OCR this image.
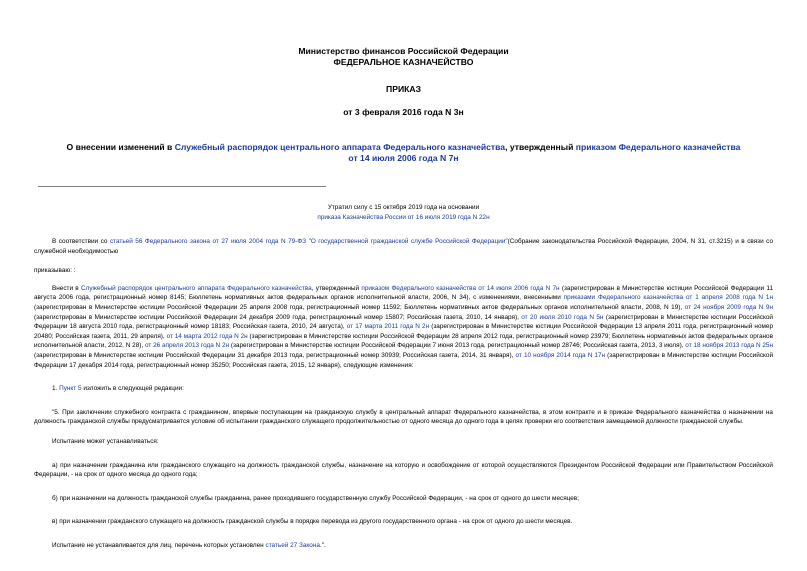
Министерство финансов Российской Федерации
ФЕДЕРАЛЬНОЕ КАЗНАЧЕЙСТВО
ПРИКАЗ
от 3 февраля 2016 года N 3н
О внесении изменений в Служебный распорядок центрального аппарата Федерального казначейства, утвержденный приказом Федерального казначейства от 14 июля 2006 года N 7н
Утратил силу с 15 октября 2019 года на основании
приказа Казначейства России от 16 июля 2019 года N 22н

В соответствии со статьей 56 Федерального закона от 27 июля 2004 года N 79-ФЗ "О государственной гражданской службе Российской Федерации"(Собрание законодательства Российской Федерации, 2004, N 31, ст.3215) и в связи со служебной необходимостью

приказываю: :

Внести в Служебный распорядок центрального аппарата Федерального казначейства, утвержденный приказом Федерального казначейства от 14 июля 2006 года N 7н (зарегистрирован в Министерстве юстиции Российской Федерации 11 августа 2006 года, регистрационный номер 8145; Бюллетень нормативных актов федеральных органов исполнительной власти, 2006, N 34), с изменениями, внесенными приказами Федерального казначейства от 1 апреля 2008 года N 1н (зарегистрирован в Министерстве юстиции Российской Федерации 25 апреля 2008 года, регистрационный номер 11592; Бюллетень нормативных актов федеральных органов исполнительной власти, 2008, N 19), от 24 ноября 2009 года N 9н (зарегистрирован в Министерстве юстиции Российской Федерации 24 декабря 2009 года, регистрационный номер 15807; Российская газета, 2010, 14 января), от 20 июля 2010 года N 5н (зарегистрирован в Министерстве юстиции Российской Федерации 18 августа 2010 года, регистрационный номер 18183; Российская газета, 2010, 24 августа), от 17 марта 2011 года N 2н (зарегистрирован в Министерстве юстиции Российской Федерации 13 апреля 2011 года, регистрационный номер 20480; Российская газета, 2011, 29 апреля), от 14 марта 2012 года N 2н (зарегистрирован в Министерстве юстиции Российской Федерации 28 апреля 2012 года, регистрационный номер 23979; Бюллетень нормативных актов федеральных органов исполнительной власти, 2012, N 28), от 26 апреля 2013 года N 2н (зарегистрирован в Министерстве юстиции Российской Федерации 7 июня 2013 года, регистрационный номер 28746; Российская газета, 2013, 3 июля), от 18 ноября 2013 года N 25н (зарегистрирован в Министерстве юстиции Российской Федерации 31 декабря 2013 года, регистрационный номер 30939; Российская газета, 2014, 31 января), от 10 ноября 2014 года N 17н (зарегистрирован в Министерстве юстиции Российской Федерации 17 декабря 2014 года, регистрационный номер 35250; Российская газета, 2015, 12 января), следующие изменения:

1. Пункт 5 изложить в следующей редакции:

"5. При заключении служебного контракта с гражданином, впервые поступающим на гражданскую службу в центральный аппарат Федерального казначейства, в этом контракте и в приказе Федерального казначейства о назначении на должность гражданской службы предусматривается условие об испытании гражданского служащего продолжительностью от одного месяца до одного года в целях проверки его соответствия замещаемой должности гражданской службы.

Испытание может устанавливаться:

а) при назначении гражданина или гражданского служащего на должность гражданской службы, назначение на которую и освобождение от которой осуществляются Президентом Российской Федерации или Правительством Российской Федерации, - на срок от одного месяца до одного года;

б) при назначении на должность гражданской службы гражданина, ранее проходившего государственную службу Российской Федерации, - на срок от одного до шести месяцев;

в) при назначении гражданского служащего на должность гражданской службы в порядке перевода из другого государственного органа - на срок от одного до шести месяцев.

Испытание не устанавливается для лиц, перечень которых установлен статьей 27 Закона.".
